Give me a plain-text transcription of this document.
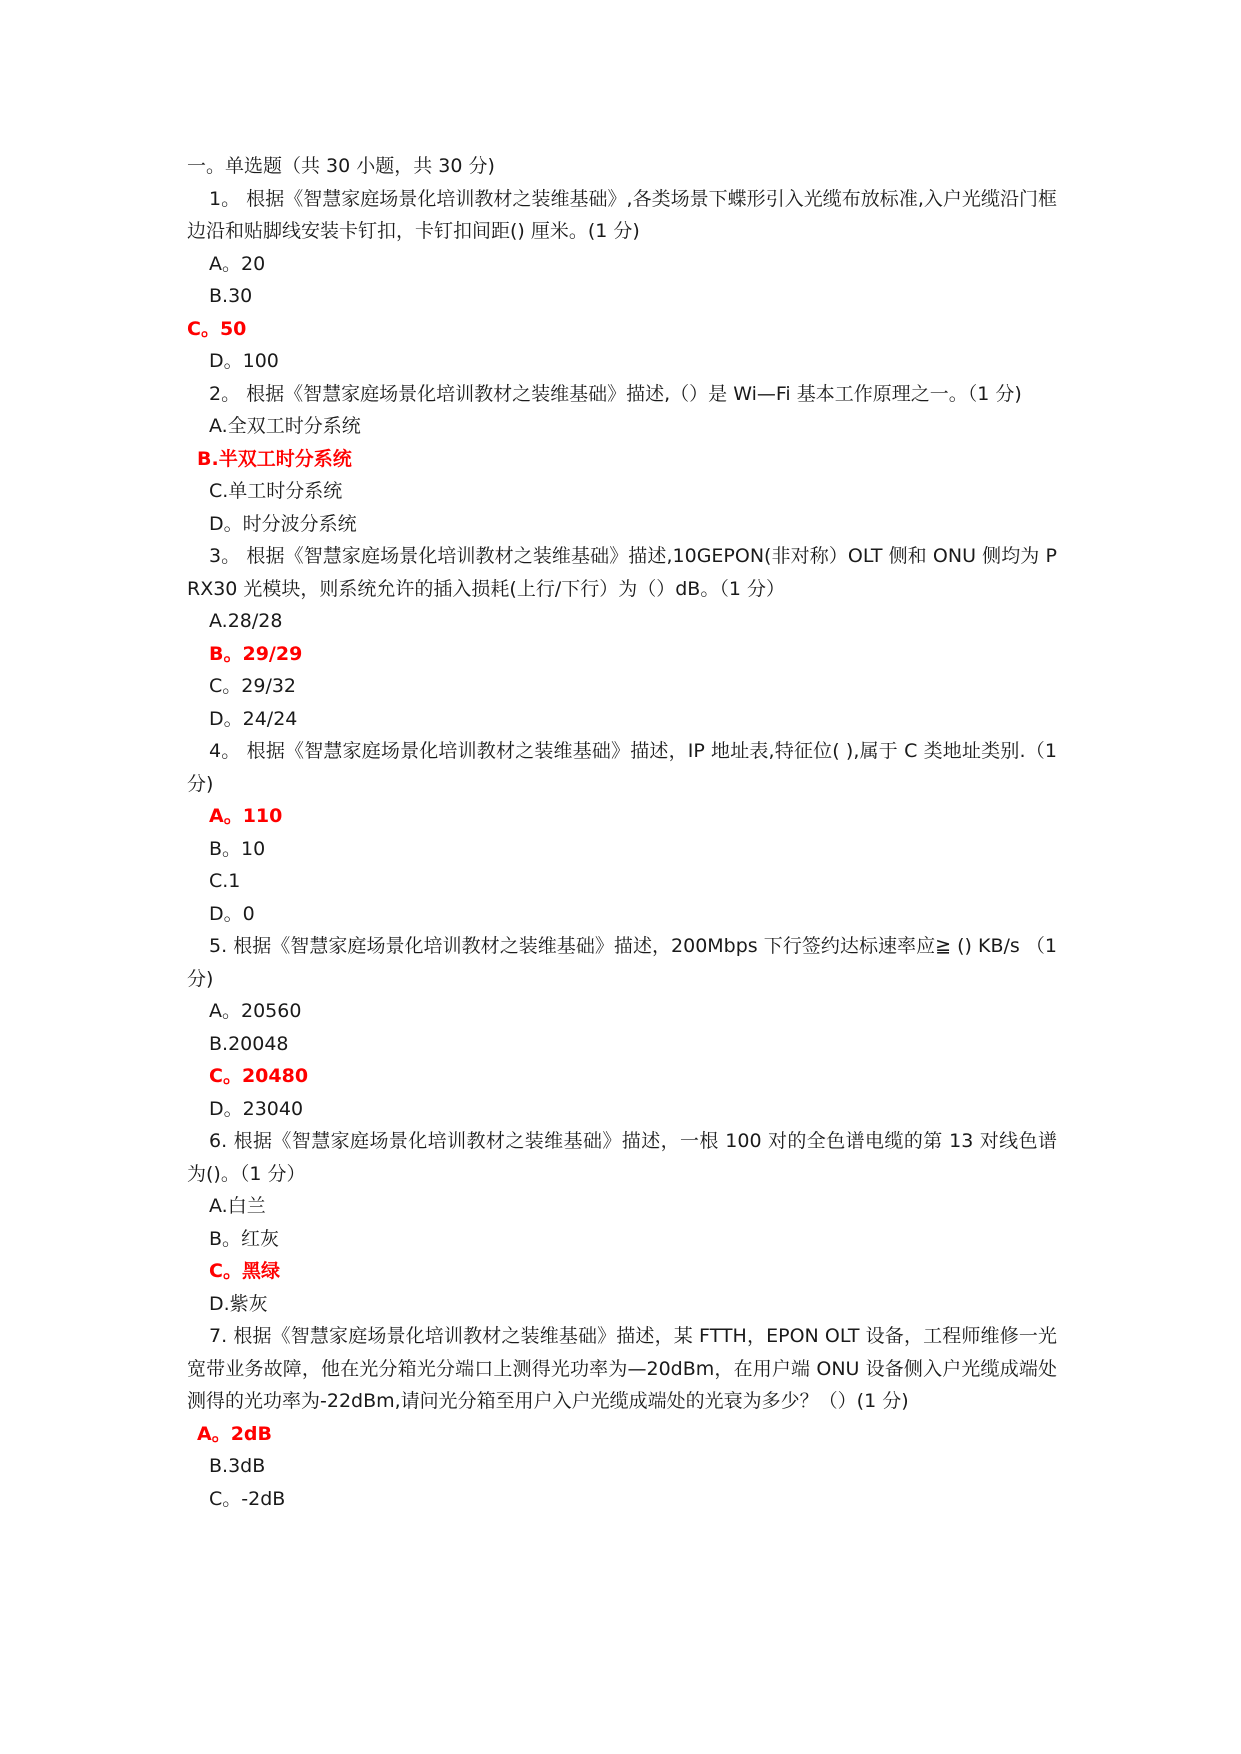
一。单选题（共 30 小题，共 30 分)
1。 根据《智慧家庭场景化培训教材之装维基础》,各类场景下蝶形引入光缆布放标准,入户光缆沿门框边沿和贴脚线安装卡钉扣，卡钉扣间距() 厘米。(1 分)
A。20
B.30
C。50
D。100
2。 根据《智慧家庭场景化培训教材之装维基础》描述,（）是 Wi—Fi 基本工作原理之一。（1 分)
A.全双工时分系统
B.半双工时分系统
C.单工时分系统
D。时分波分系统
3。 根据《智慧家庭场景化培训教材之装维基础》描述,10GEPON(非对称）OLT 侧和 ONU 侧均为 PRX30 光模块，则系统允许的插入损耗(上行/下行）为（）dB。（1 分）
A.28/28
B。29/29
C。29/32
D。24/24
4。 根据《智慧家庭场景化培训教材之装维基础》描述，IP 地址表,特征位( ),属于 C 类地址类别.（1 分)
A。110
B。10
C.1
D。0
5. 根据《智慧家庭场景化培训教材之装维基础》描述，200Mbps 下行签约达标速率应≧ () KB/s （1 分)
A。20560
B.20048
C。20480
D。23040
6. 根据《智慧家庭场景化培训教材之装维基础》描述，一根 100 对的全色谱电缆的第 13 对线色谱为()。（1 分）
A.白兰
B。红灰
C。黑绿
D.紫灰
7. 根据《智慧家庭场景化培训教材之装维基础》描述，某 FTTH，EPON OLT 设备，工程师维修一光宽带业务故障，他在光分箱光分端口上测得光功率为—20dBm，在用户端 ONU 设备侧入户光缆成端处测得的光功率为-22dBm,请问光分箱至用户入户光缆成端处的光衰为多少？（）(1 分)
A。2dB
B.3dB
C。-2dB
